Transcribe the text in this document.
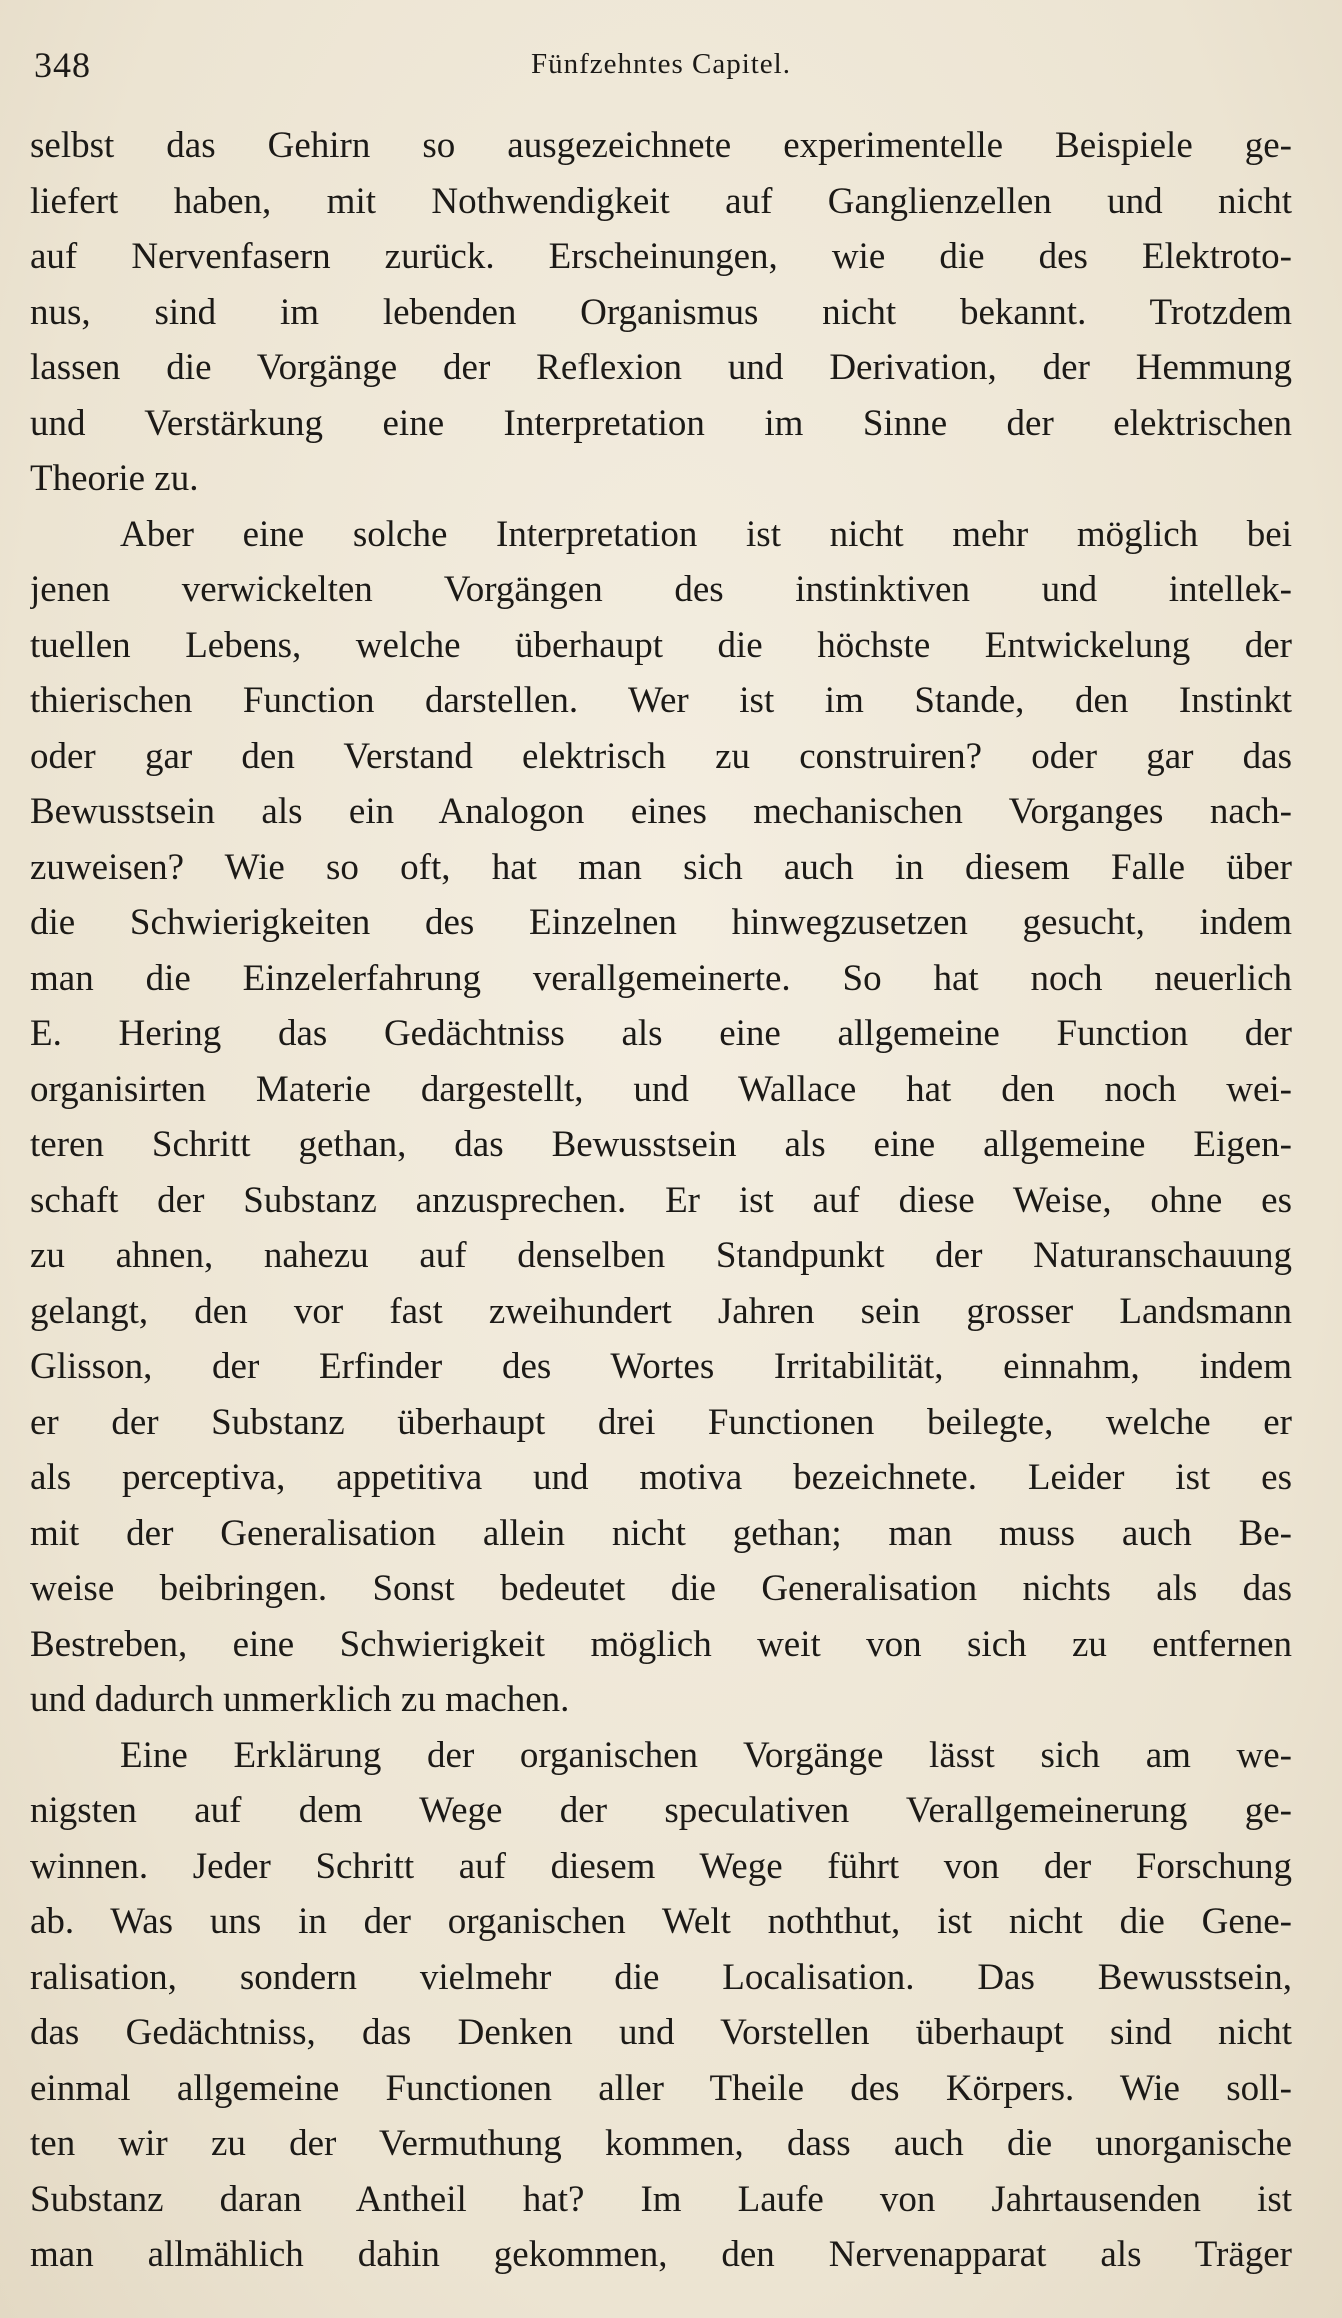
348	Fünfzehntes Capitel.
selbst das Gehirn so ausgezeichnete experimentelle Beispiele ge-
liefert haben, mit Nothwendigkeit auf Ganglienzellen und nicht
auf Nervenfasern zurück. Erscheinungen, wie die des Elektroto-
nus, sind im lebenden Organismus nicht bekannt. Trotzdem
lassen die Vorgänge der Reflexion und Derivation, der Hemmung
und Verstärkung eine Interpretation im Sinne der elektrischen
Theorie zu.
Aber eine solche Interpretation ist nicht mehr möglich bei
jenen verwickelten Vorgängen des instinktiven und intellek-
tuellen Lebens, welche überhaupt die höchste Entwickelung der
thierischen Function darstellen. Wer ist im Stande, den Instinkt
oder gar den Verstand elektrisch zu construiren? oder gar das
Bewusstsein als ein Analogon eines mechanischen Vorganges nach-
zuweisen? Wie so oft, hat man sich auch in diesem Falle über
die Schwierigkeiten des Einzelnen hinwegzusetzen gesucht, indem
man die Einzelerfahrung verallgemeinerte. So hat noch neuerlich
E. Hering das Gedächtniss als eine allgemeine Function der
organisirten Materie dargestellt, und Wallace hat den noch wei-
teren Schritt gethan, das Bewusstsein als eine allgemeine Eigen-
schaft der Substanz anzusprechen. Er ist auf diese Weise, ohne es
zu ahnen, nahezu auf denselben Standpunkt der Naturanschauung
gelangt, den vor fast zweihundert Jahren sein grosser Landsmann
Glisson, der Erfinder des Wortes Irritabilität, einnahm, indem
er der Substanz überhaupt drei Functionen beilegte, welche er
als perceptiva, appetitiva und motiva bezeichnete. Leider ist es
mit der Generalisation allein nicht gethan; man muss auch Be-
weise beibringen. Sonst bedeutet die Generalisation nichts als das
Bestreben, eine Schwierigkeit möglich weit von sich zu entfernen
und dadurch unmerklich zu machen.
Eine Erklärung der organischen Vorgänge lässt sich am we-
nigsten auf dem Wege der speculativen Verallgemeinerung ge-
winnen. Jeder Schritt auf diesem Wege führt von der Forschung
ab. Was uns in der organischen Welt noththut, ist nicht die Gene-
ralisation, sondern vielmehr die Localisation. Das Bewusstsein,
das Gedächtniss, das Denken und Vorstellen überhaupt sind nicht
einmal allgemeine Functionen aller Theile des Körpers. Wie soll-
ten wir zu der Vermuthung kommen, dass auch die unorganische
Substanz daran Antheil hat? Im Laufe von Jahrtausenden ist
man allmählich dahin gekommen, den Nervenapparat als Träger
